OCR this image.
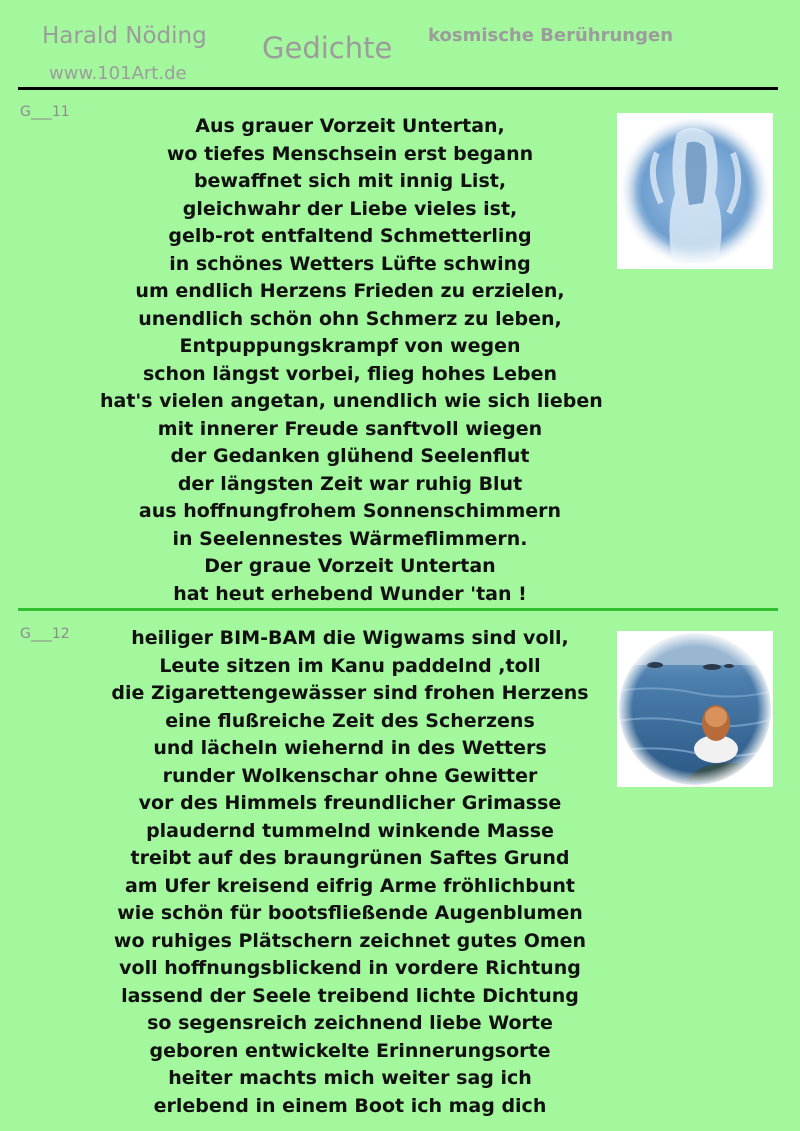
Harald Nöding
www.101Art.de
Gedichte kosmische Berührungen
G___11
Aus grauer Vorzeit Untertan,
wo tiefes Menschsein erst begann
bewaffnet sich mit innig List,
gleichwahr der Liebe vieles ist,
gelb-rot entfaltend Schmetterling
in schönes Wetters Lüfte schwing
um endlich Herzens Frieden zu erzielen,
unendlich schön ohn Schmerz zu leben,
Entpuppungskrampf von wegen
schon längst vorbei, flieg hohes Leben
hat's vielen angetan, unendlich wie sich lieben
mit innerer Freude sanftvoll wiegen
der Gedanken glühend Seelenflut
der längsten Zeit war ruhig Blut
aus hoffnungfrohem Sonnenschimmern
in Seelennestes Wärmeflimmern.
Der graue Vorzeit Untertan
hat heut erhebend Wunder 'tan !
G___12	heiliger BIM-BAM die Wigwams sind voll,
Leute sitzen im Kanu paddelnd ,toll
die Zigarettengewässer sind frohen Herzens
eine flußreiche Zeit des Scherzens
und lächeln wiehernd in des Wetters
runder Wolkenschar ohne Gewitter
vor des Himmels freundlicher Grimasse
plaudernd tummelnd winkende Masse
treibt auf des braungrünen Saftes Grund
am Ufer kreisend eifrig Arme fröhlichbunt
wie schön für bootsfließende Augenblumen
wo ruhiges Plätschern zeichnet gutes Omen
voll hoffnungsblickend in vordere Richtung
lassend der Seele treibend lichte Dichtung
so segensreich zeichnend liebe Worte
geboren entwickelte Erinnerungsorte
heiter machts mich weiter sag ich
erlebend in einem Boot ich mag dich
